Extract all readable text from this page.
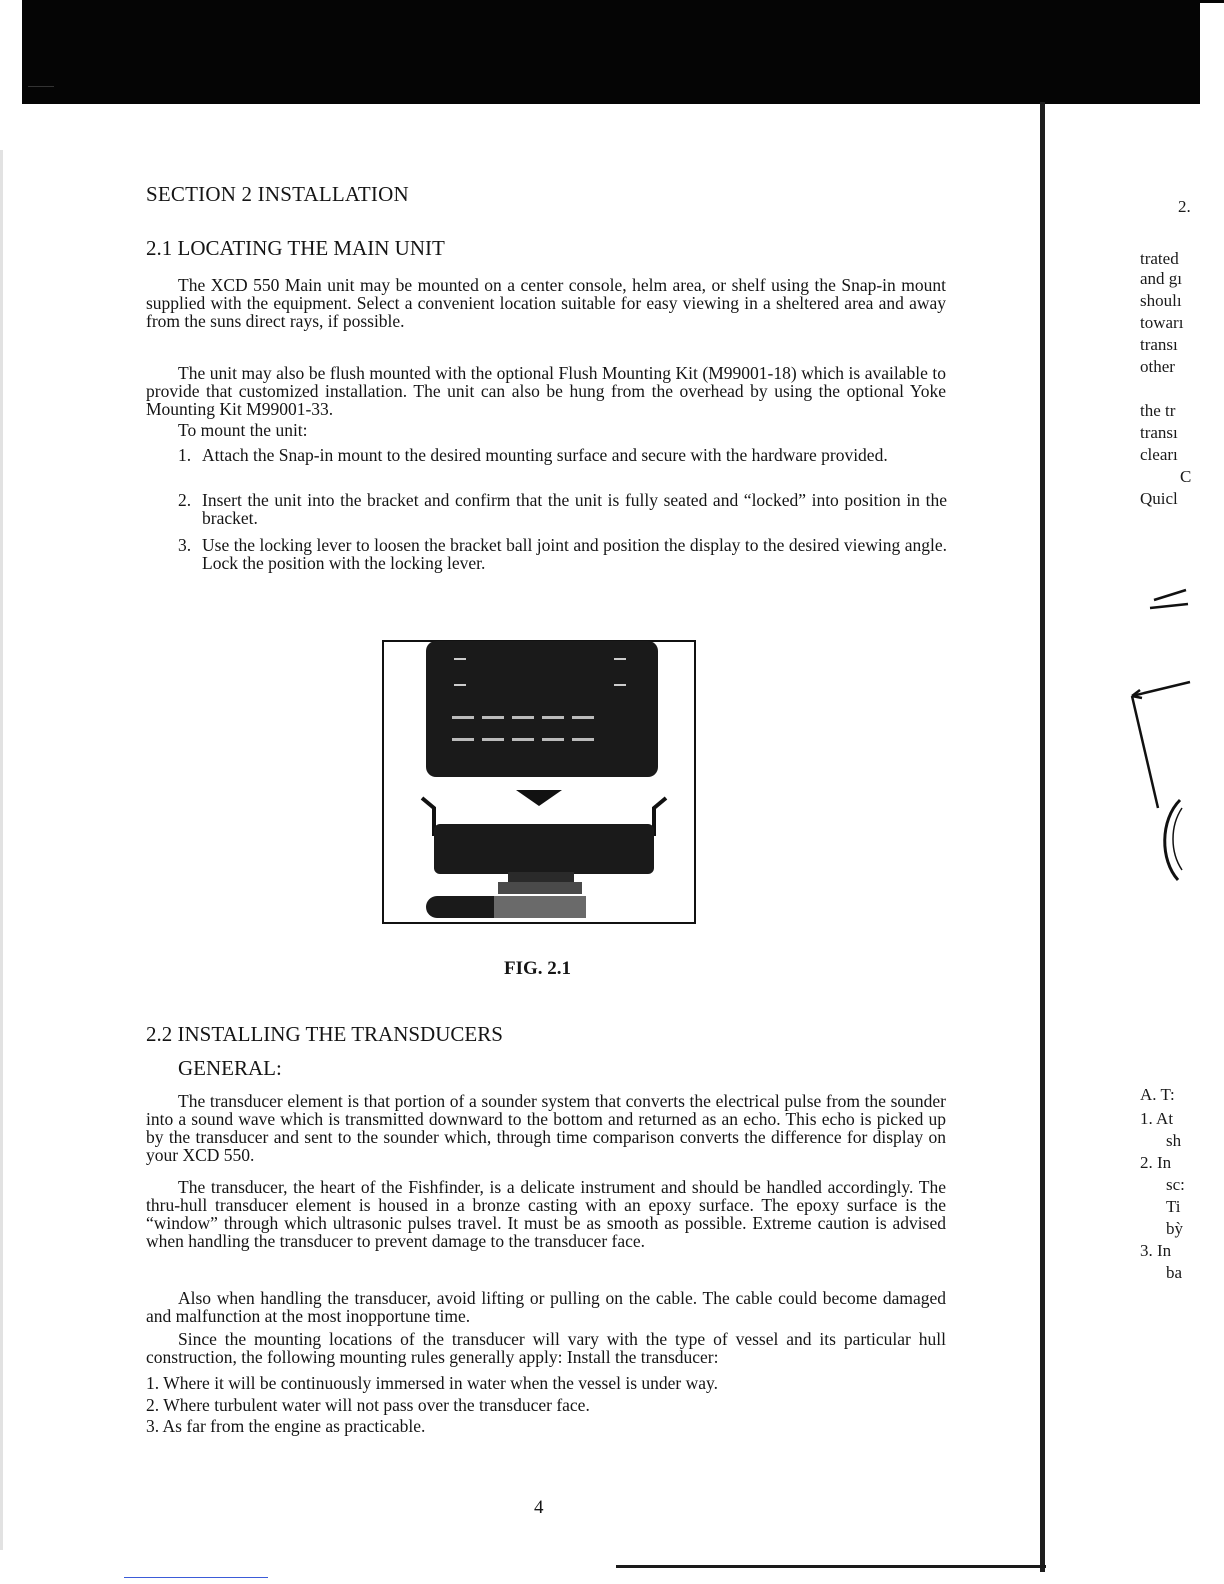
SECTION 2 INSTALLATION
2.1 LOCATING THE MAIN UNIT

The XCD 550 Main unit may be mounted on a center console, helm area, or shelf using the Snap-in mount supplied with the equipment. Select a convenient location suitable for easy viewing in a sheltered area and away from the suns direct rays, if possible.

The unit may also be flush mounted with the optional Flush Mounting Kit (M99001-18) which is available to provide that customized installation. The unit can also be hung from the overhead by using the optional Yoke Mounting Kit M99001-33.

To mount the unit:

1. Attach the Snap-in mount to the desired mounting surface and secure with the hardware provided.
2. Insert the unit into the bracket and confirm that the unit is fully seated and “locked” into position in the bracket.
3. Use the locking lever to loosen the bracket ball joint and position the display to the desired viewing angle. Lock the position with the locking lever.
FIG. 2.1
2.2 INSTALLING THE TRANSDUCERS
GENERAL:

The transducer element is that portion of a sounder system that converts the electrical pulse from the sounder into a sound wave which is transmitted downward to the bottom and returned as an echo. This echo is picked up by the transducer and sent to the sounder which, through time comparison converts the difference for display on your XCD 550.

The transducer, the heart of the Fishfinder, is a delicate instrument and should be handled accordingly. The thru-hull transducer element is housed in a bronze casting with an epoxy surface. The epoxy surface is the “window” through which ultrasonic pulses travel. It must be as smooth as possible. Extreme caution is advised when handling the transducer to prevent damage to the transducer face.

Also when handling the transducer, avoid lifting or pulling on the cable. The cable could become damaged and malfunction at the most inopportune time.

Since the mounting locations of the transducer will vary with the type of vessel and its particular hull construction, the following mounting rules generally apply: Install the transducer:

1. Where it will be continuously immersed in water when the vessel is under way.
2. Where turbulent water will not pass over the transducer face.
3. As far from the engine as practicable.
4
2.
trated
and gı
shoulı
towarı
transı
other
the tr
transı
clearı
C
Quicl
A. T:
1. At
sh
2. In
sc:
Ti
bỳ
3. In
ba
